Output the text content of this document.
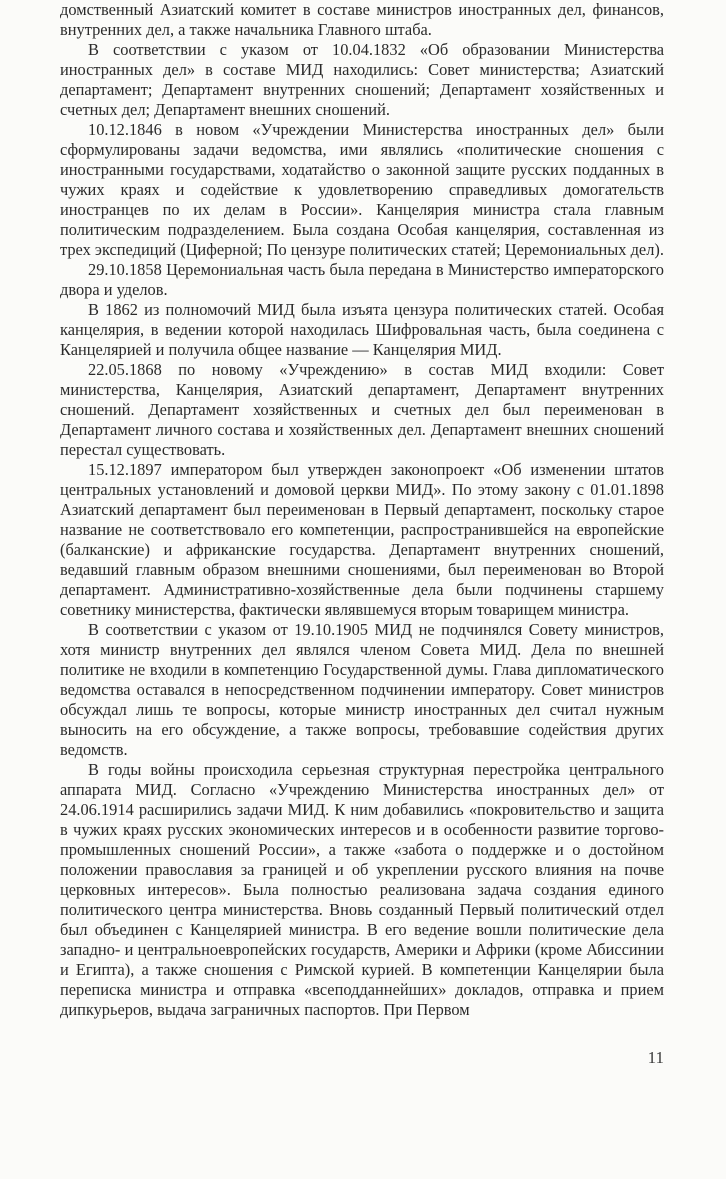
домственный Азиатский комитет в составе министров иностранных дел, финансов, внутренних дел, а также начальника Главного штаба.

В соответствии с указом от 10.04.1832 «Об образовании Министерства иностранных дел» в составе МИД находились: Совет министерства; Азиатский департамент; Департамент внутренних сношений; Департамент хозяйственных и счетных дел; Департамент внешних сношений.

10.12.1846 в новом «Учреждении Министерства иностранных дел» были сформулированы задачи ведомства, ими являлись «политические сношения с иностранными государствами, ходатайство о законной защите русских подданных в чужих краях и содействие к удовлетворению справедливых домогательств иностранцев по их делам в России». Канцелярия министра стала главным политическим подразделением. Была создана Особая канцелярия, составленная из трех экспедиций (Циферной; По цензуре политических статей; Церемониальных дел).

29.10.1858 Церемониальная часть была передана в Министерство императорского двора и уделов.

В 1862 из полномочий МИД была изъята цензура политических статей. Особая канцелярия, в ведении которой находилась Шифровальная часть, была соединена с Канцелярией и получила общее название — Канцелярия МИД.

22.05.1868 по новому «Учреждению» в состав МИД входили: Совет министерства, Канцелярия, Азиатский департамент, Департамент внутренних сношений. Департамент хозяйственных и счетных дел был переименован в Департамент личного состава и хозяйственных дел. Департамент внешних сношений перестал существовать.

15.12.1897 императором был утвержден законопроект «Об изменении штатов центральных установлений и домовой церкви МИД». По этому закону с 01.01.1898 Азиатский департамент был переименован в Первый департамент, поскольку старое название не соответствовало его компетенции, распространившейся на европейские (балканские) и африканские государства. Департамент внутренних сношений, ведавший главным образом внешними сношениями, был переименован во Второй департамент. Административно-хозяйственные дела были подчинены старшему советнику министерства, фактически являвшемуся вторым товарищем министра.

В соответствии с указом от 19.10.1905 МИД не подчинялся Совету министров, хотя министр внутренних дел являлся членом Совета МИД. Дела по внешней политике не входили в компетенцию Государственной думы. Глава дипломатического ведомства оставался в непосредственном подчинении императору. Совет министров обсуждал лишь те вопросы, которые министр иностранных дел считал нужным выносить на его обсуждение, а также вопросы, требовавшие содействия других ведомств.

В годы войны происходила серьезная структурная перестройка центрального аппарата МИД. Согласно «Учреждению Министерства иностранных дел» от 24.06.1914 расширились задачи МИД. К ним добавились «покровительство и защита в чужих краях русских экономических интересов и в особенности развитие торгово-промышленных сношений России», а также «забота о поддержке и о достойном положении православия за границей и об укреплении русского влияния на почве церковных интересов». Была полностью реализована задача создания единого политического центра министерства. Вновь созданный Первый политический отдел был объединен с Канцелярией министра. В его ведение вошли политические дела западно- и центральноевропейских государств, Америки и Африки (кроме Абиссинии и Египта), а также сношения с Римской курией. В компетенции Канцелярии была переписка министра и отправка «всеподданнейших» докладов, отправка и прием дипкурьеров, выдача заграничных паспортов. При Первом

11
